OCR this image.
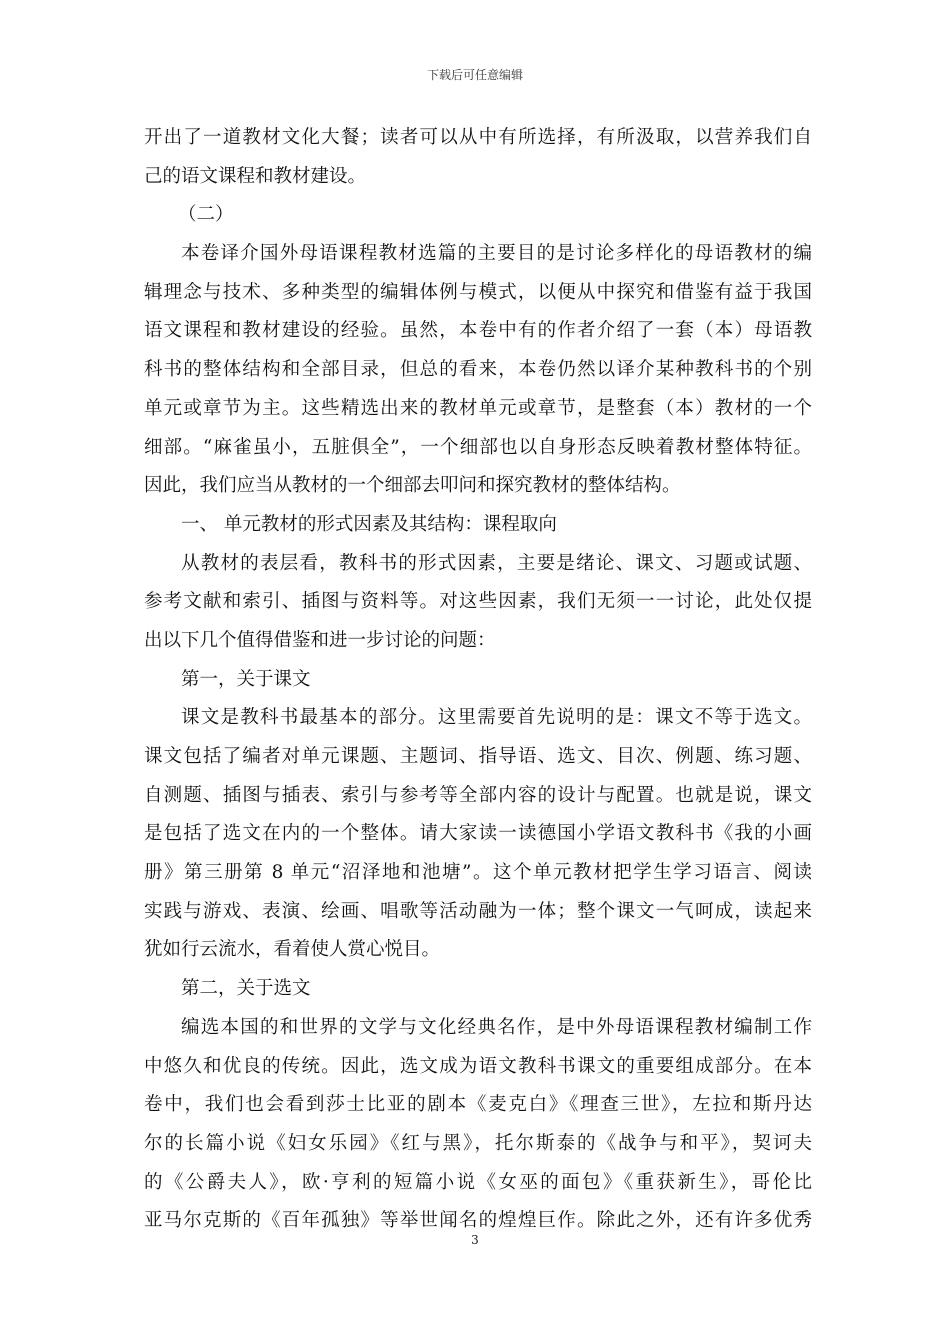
下载后可任意编辑
开出了一道教材文化大餐；读者可以从中有所选择，有所汲取，以营养我们自
己的语文课程和教材建设。
（二）
本卷译介国外母语课程教材选篇的主要目的是讨论多样化的母语教材的编
辑理念与技术、多种类型的编辑体例与模式，以便从中探究和借鉴有益于我国
语文课程和教材建设的经验。虽然，本卷中有的作者介绍了一套（本）母语教
科书的整体结构和全部目录，但总的看来，本卷仍然以译介某种教科书的个别
单元或章节为主。这些精选出来的教材单元或章节，是整套（本）教材的一个
细部。“麻雀虽小，五脏俱全”，一个细部也以自身形态反映着教材整体特征。
因此，我们应当从教材的一个细部去叩问和探究教材的整体结构。
一、 单元教材的形式因素及其结构：课程取向
从教材的表层看，教科书的形式因素，主要是绪论、课文、习题或试题、
参考文献和索引、插图与资料等。对这些因素，我们无须一一讨论，此处仅提
出以下几个值得借鉴和进一步讨论的问题：
第一，关于课文
课文是教科书最基本的部分。这里需要首先说明的是：课文不等于选文。
课文包括了编者对单元课题、主题词、指导语、选文、目次、例题、练习题、
自测题、插图与插表、索引与参考等全部内容的设计与配置。也就是说，课文
是包括了选文在内的一个整体。请大家读一读德国小学语文教科书《我的小画
册》第三册第 8 单元“沼泽地和池塘”。这个单元教材把学生学习语言、阅读
实践与游戏、表演、绘画、唱歌等活动融为一体；整个课文一气呵成，读起来
犹如行云流水，看着使人赏心悦目。
第二，关于选文
编选本国的和世界的文学与文化经典名作，是中外母语课程教材编制工作
中悠久和优良的传统。因此，选文成为语文教科书课文的重要组成部分。在本
卷中，我们也会看到莎士比亚的剧本《麦克白》《理查三世》，左拉和斯丹达
尔的长篇小说《妇女乐园》《红与黑》，托尔斯泰的《战争与和平》，契诃夫
的《公爵夫人》，欧·亨利的短篇小说《女巫的面包》《重获新生》，哥伦比
亚马尔克斯的《百年孤独》等举世闻名的煌煌巨作。除此之外，还有许多优秀
3
